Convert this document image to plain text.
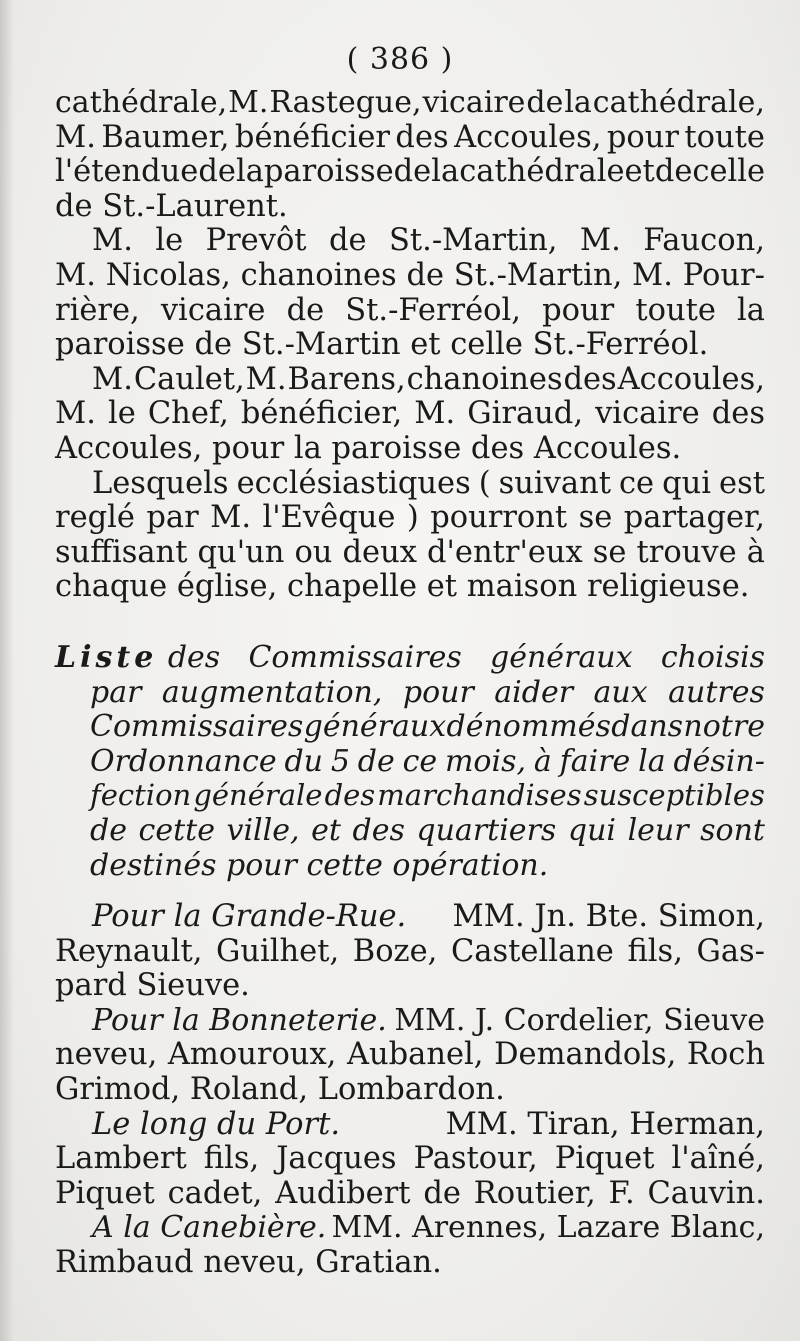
( 386 )
cathédrale, M. Rastegue, vicaire de la cathédrale,
M. Baumer, bénéficier des Accoules, pour toute
l'étendue de la paroisse de la cathédrale et de celle
de St.-Laurent.
M. le Prevôt de St.-Martin, M. Faucon,
M. Nicolas, chanoines de St.-Martin, M. Pour-
rière, vicaire de St.-Ferréol, pour toute la
paroisse de St.-Martin et celle St.-Ferréol.
M. Caulet, M. Barens, chanoines des Accoules,
M. le Chef, bénéficier, M. Giraud, vicaire des
Accoules, pour la paroisse des Accoules.
Lesquels ecclésiastiques ( suivant ce qui est
reglé par M. l'Evêque ) pourront se partager,
suffisant qu'un ou deux d'entr'eux se trouve à
chaque église, chapelle et maison religieuse.
Liste des Commissaires généraux choisis
par augmentation, pour aider aux autres
Commissaires généraux dénommés dans notre
Ordonnance du 5 de ce mois, à faire la désin-
fection générale des marchandises susceptibles
de cette ville, et des quartiers qui leur sont
destinés pour cette opération.
Pour la Grande-Rue. MM. Jn. Bte. Simon,
Reynault, Guilhet, Boze, Castellane fils, Gas-
pard Sieuve.
Pour la Bonneterie. MM. J. Cordelier, Sieuve
neveu, Amouroux, Aubanel, Demandols, Roch
Grimod, Roland, Lombardon.
Le long du Port.	MM. Tiran, Herman,
Lambert fils, Jacques Pastour, Piquet l'aîné,
Piquet cadet, Audibert de Routier, F. Cauvin.
A la Canebière. MM. Arennes, Lazare Blanc,
Rimbaud neveu, Gratian.
